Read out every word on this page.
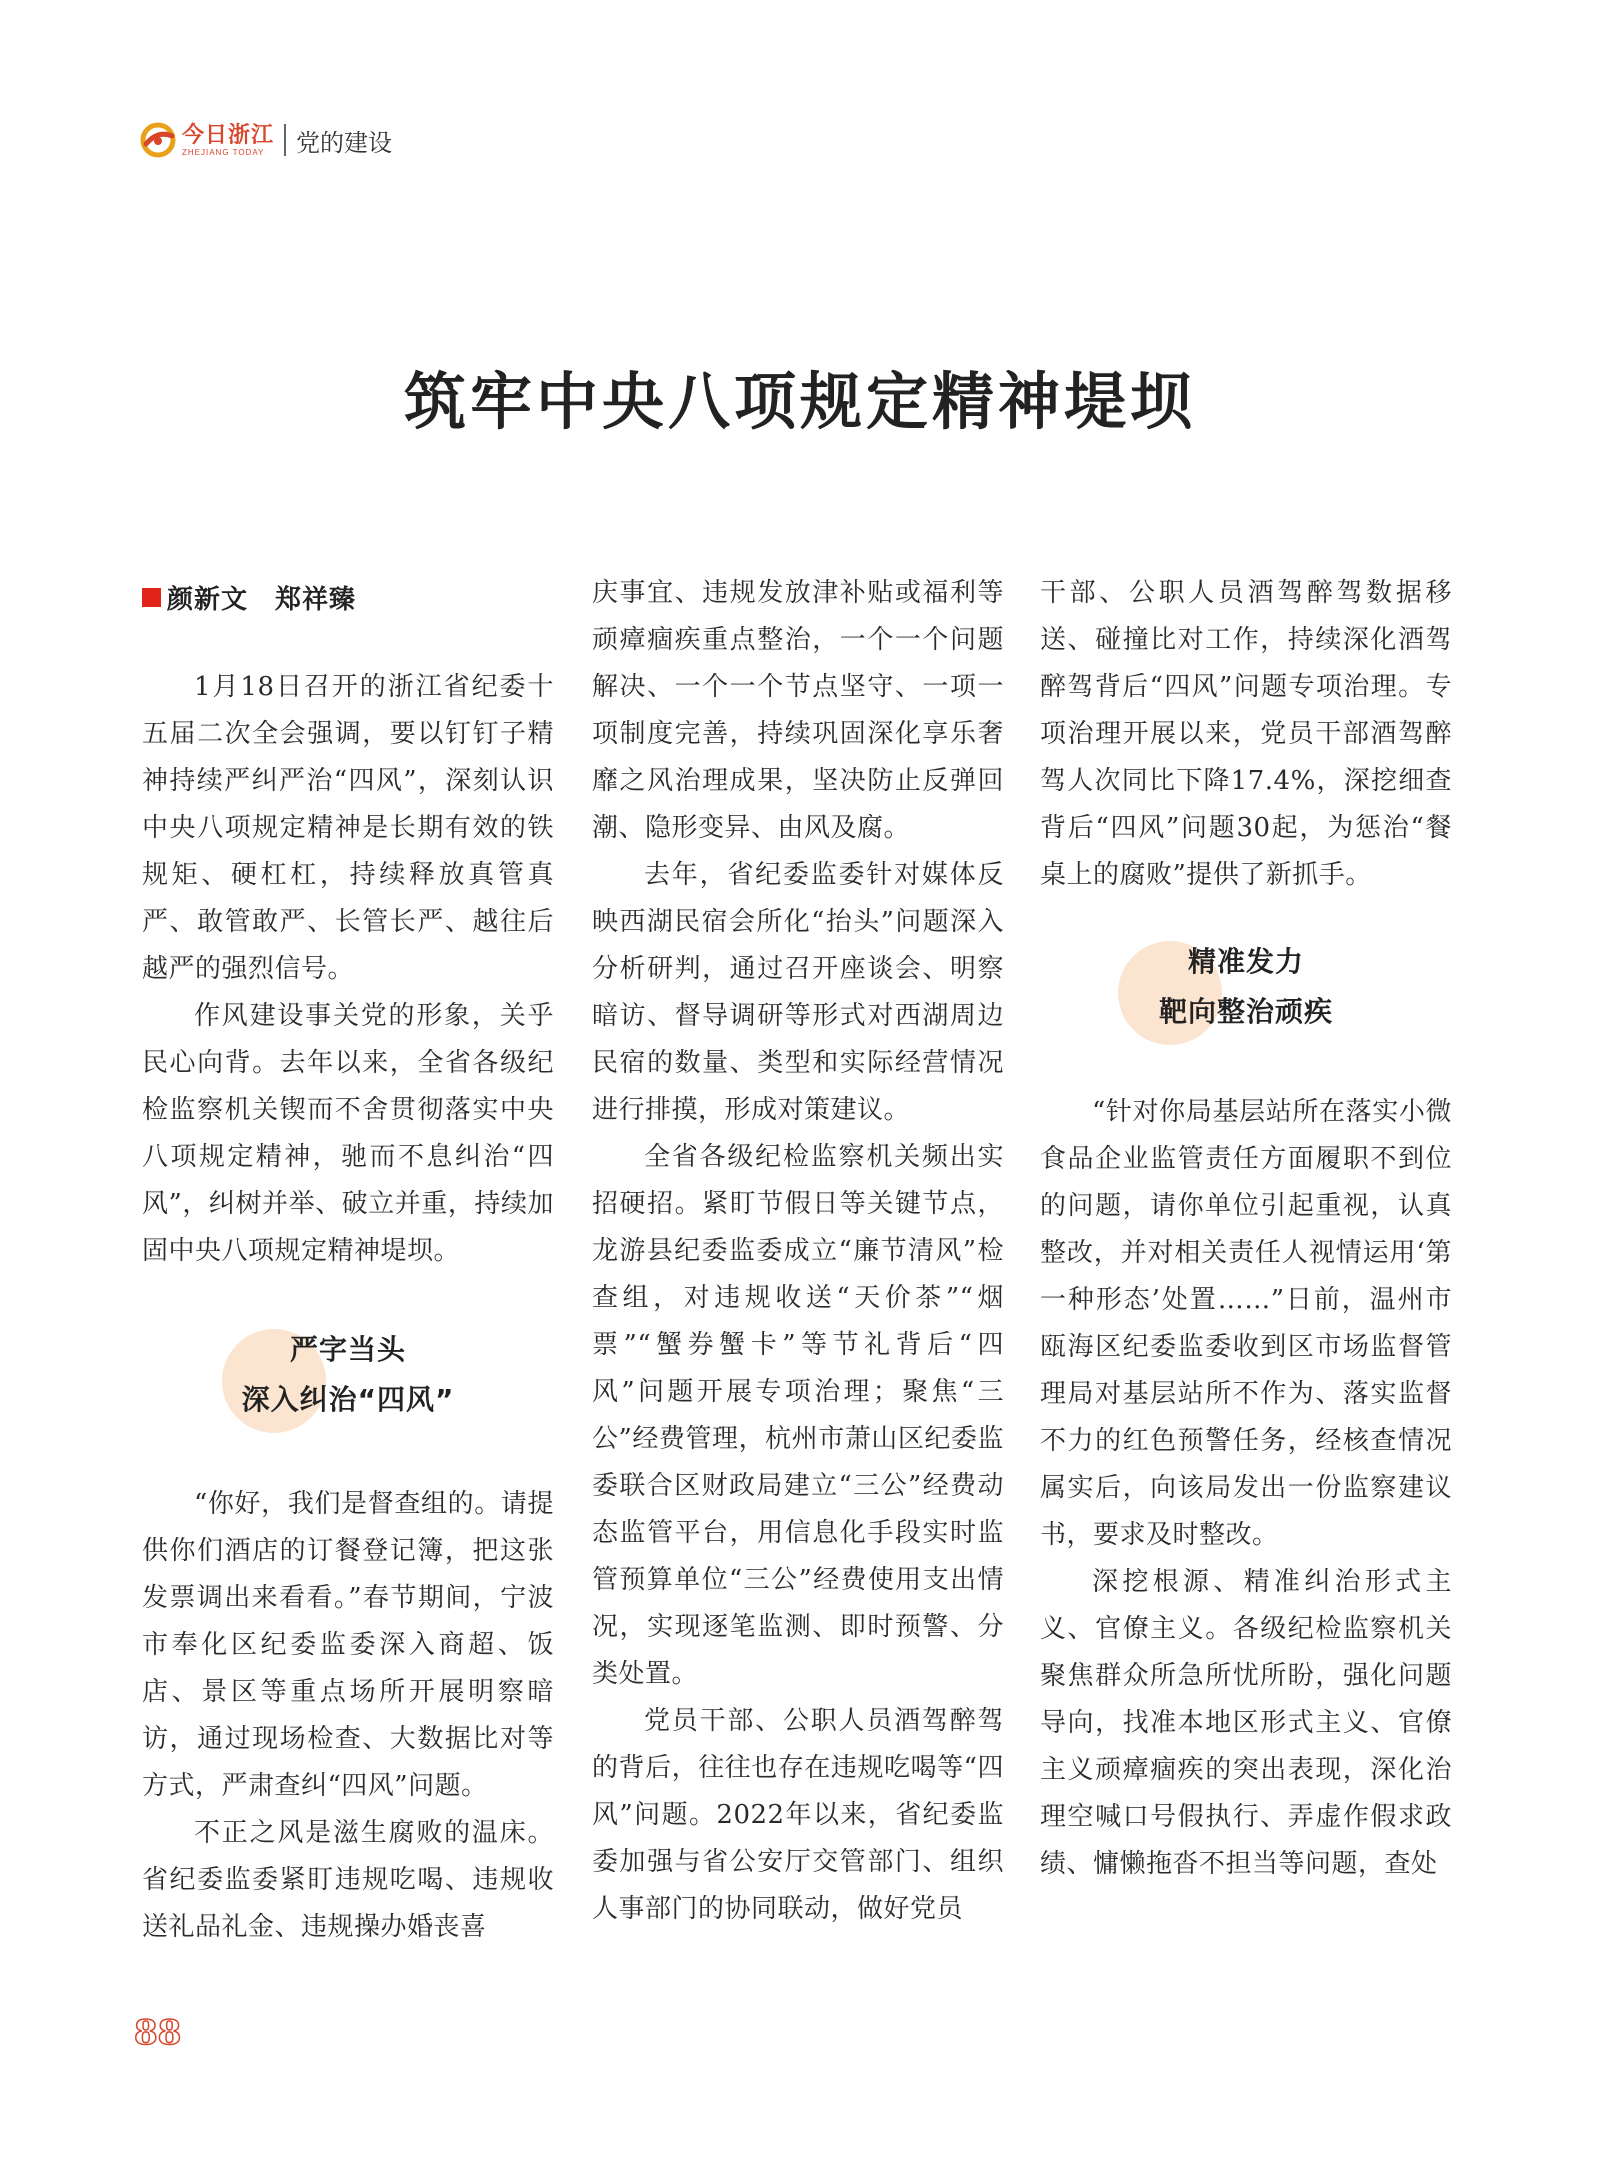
今日浙江
ZHEJIANG TODAY	党的建设
筑牢中央八项规定精神堤坝
颜新文　郑祥臻

1月18日召开的浙江省纪委十五届二次全会强调，要以钉钉子精神持续严纠严治“四风”，深刻认识中央八项规定精神是长期有效的铁规矩、硬杠杠，持续释放真管真严、敢管敢严、长管长严、越往后越严的强烈信号。

作风建设事关党的形象，关乎民心向背。去年以来，全省各级纪检监察机关锲而不舍贯彻落实中央八项规定精神，驰而不息纠治“四风”，纠树并举、破立并重，持续加固中央八项规定精神堤坝。

严字当头
深入纠治“四风”

“你好，我们是督查组的。请提供你们酒店的订餐登记簿，把这张发票调出来看看。”春节期间，宁波市奉化区纪委监委深入商超、饭店、景区等重点场所开展明察暗访，通过现场检查、大数据比对等方式，严肃查纠“四风”问题。

不正之风是滋生腐败的温床。省纪委监委紧盯违规吃喝、违规收送礼品礼金、违规操办婚丧喜

庆事宜、违规发放津补贴或福利等顽瘴痼疾重点整治，一个一个问题解决、一个一个节点坚守、一项一项制度完善，持续巩固深化享乐奢靡之风治理成果，坚决防止反弹回潮、隐形变异、由风及腐。

去年，省纪委监委针对媒体反映西湖民宿会所化“抬头”问题深入分析研判，通过召开座谈会、明察暗访、督导调研等形式对西湖周边民宿的数量、类型和实际经营情况进行排摸，形成对策建议。

全省各级纪检监察机关频出实招硬招。紧盯节假日等关键节点，龙游县纪委监委成立“廉节清风”检查组，对违规收送“天价茶”“烟票”“蟹券蟹卡”等节礼背后“四风”问题开展专项治理；聚焦“三公”经费管理，杭州市萧山区纪委监委联合区财政局建立“三公”经费动态监管平台，用信息化手段实时监管预算单位“三公”经费使用支出情况，实现逐笔监测、即时预警、分类处置。

党员干部、公职人员酒驾醉驾的背后，往往也存在违规吃喝等“四风”问题。2022年以来，省纪委监委加强与省公安厅交管部门、组织人事部门的协同联动，做好党员

干部、公职人员酒驾醉驾数据移送、碰撞比对工作，持续深化酒驾醉驾背后“四风”问题专项治理。专项治理开展以来，党员干部酒驾醉驾人次同比下降17.4%，深挖细查背后“四风”问题30起，为惩治“餐桌上的腐败”提供了新抓手。

精准发力
靶向整治顽疾

“针对你局基层站所在落实小微食品企业监管责任方面履职不到位的问题，请你单位引起重视，认真整改，并对相关责任人视情运用‘第一种形态’处置……”日前，温州市瓯海区纪委监委收到区市场监督管理局对基层站所不作为、落实监督不力的红色预警任务，经核查情况属实后，向该局发出一份监察建议书，要求及时整改。

深挖根源、精准纠治形式主义、官僚主义。各级纪检监察机关聚焦群众所急所忧所盼，强化问题导向，找准本地区形式主义、官僚主义顽瘴痼疾的突出表现，深化治理空喊口号假执行、弄虚作假求政绩、慵懒拖沓不担当等问题，查处

88
